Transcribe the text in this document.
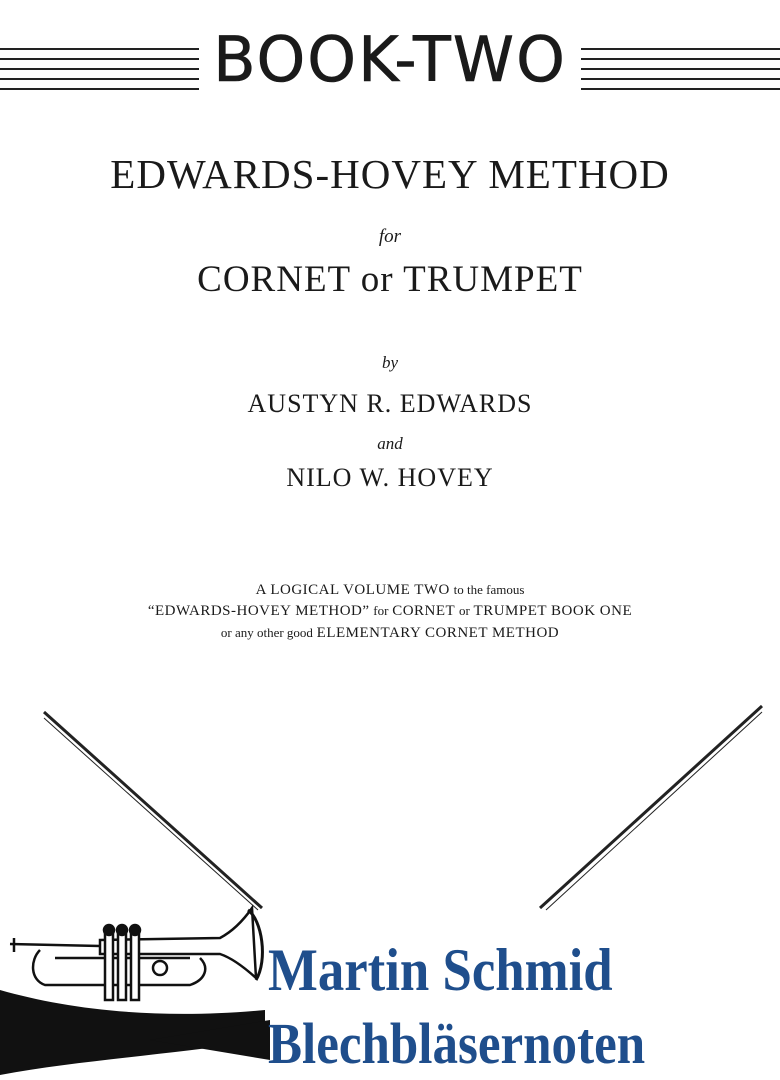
BOOK-TWO
EDWARDS-HOVEY METHOD
for
CORNET or TRUMPET
by
AUSTYN R. EDWARDS
and
NILO W. HOVEY
A LOGICAL VOLUME TWO to the famous
“EDWARDS-HOVEY METHOD” for CORNET or TRUMPET BOOK ONE
or any other good ELEMENTARY CORNET METHOD
Martin Schmid
Blechbläsernoten
